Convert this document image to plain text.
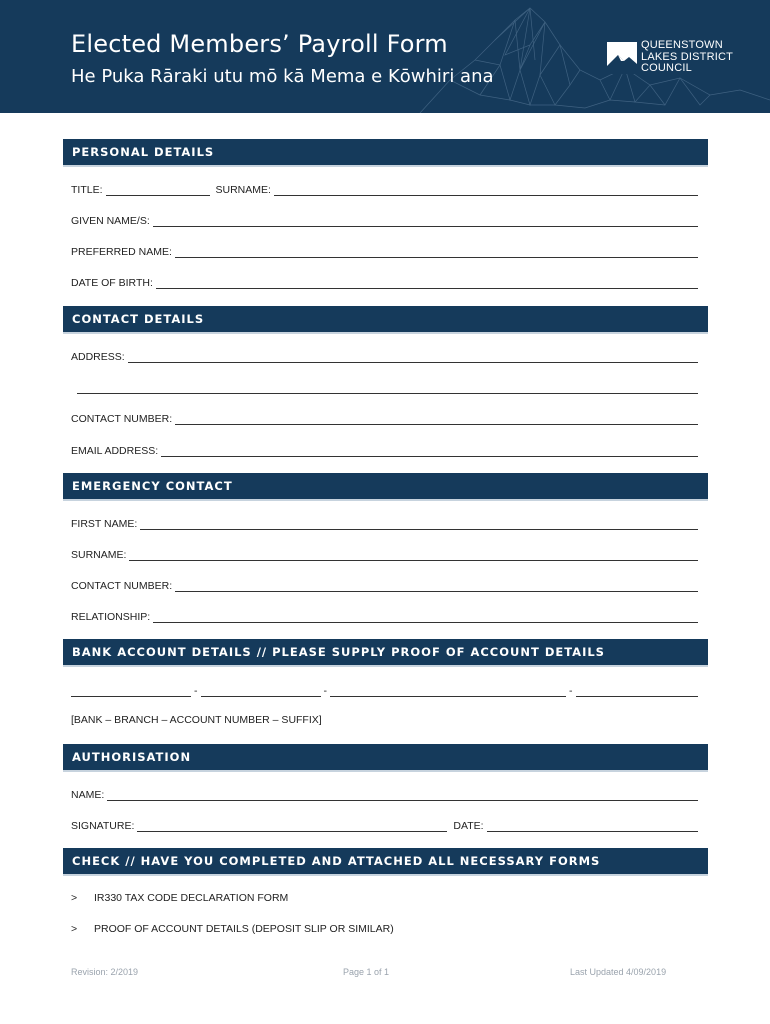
Elected Members’ Payroll Form
He Puka Rāraki utu mō kā Mema e Kōwhiri ana
QUEENSTOWN
LAKES DISTRICT
COUNCIL
PERSONAL DETAILS
TITLE:	SURNAME:
GIVEN NAME/S:
PREFERRED NAME:
DATE OF BIRTH:
CONTACT DETAILS
ADDRESS:
CONTACT NUMBER:
EMAIL ADDRESS:
EMERGENCY CONTACT
FIRST NAME:
SURNAME:
CONTACT NUMBER:
RELATIONSHIP:
BANK ACCOUNT DETAILS // PLEASE SUPPLY PROOF OF ACCOUNT DETAILS
-	-	-
[BANK – BRANCH – ACCOUNT NUMBER – SUFFIX]
AUTHORISATION
NAME:
SIGNATURE:	DATE:
CHECK // HAVE YOU COMPLETED AND ATTACHED ALL NECESSARY FORMS
> IR330 TAX CODE DECLARATION FORM
> PROOF OF ACCOUNT DETAILS (DEPOSIT SLIP OR SIMILAR)
Revision: 2/2019	Page 1 of 1	Last Updated 4/09/2019
